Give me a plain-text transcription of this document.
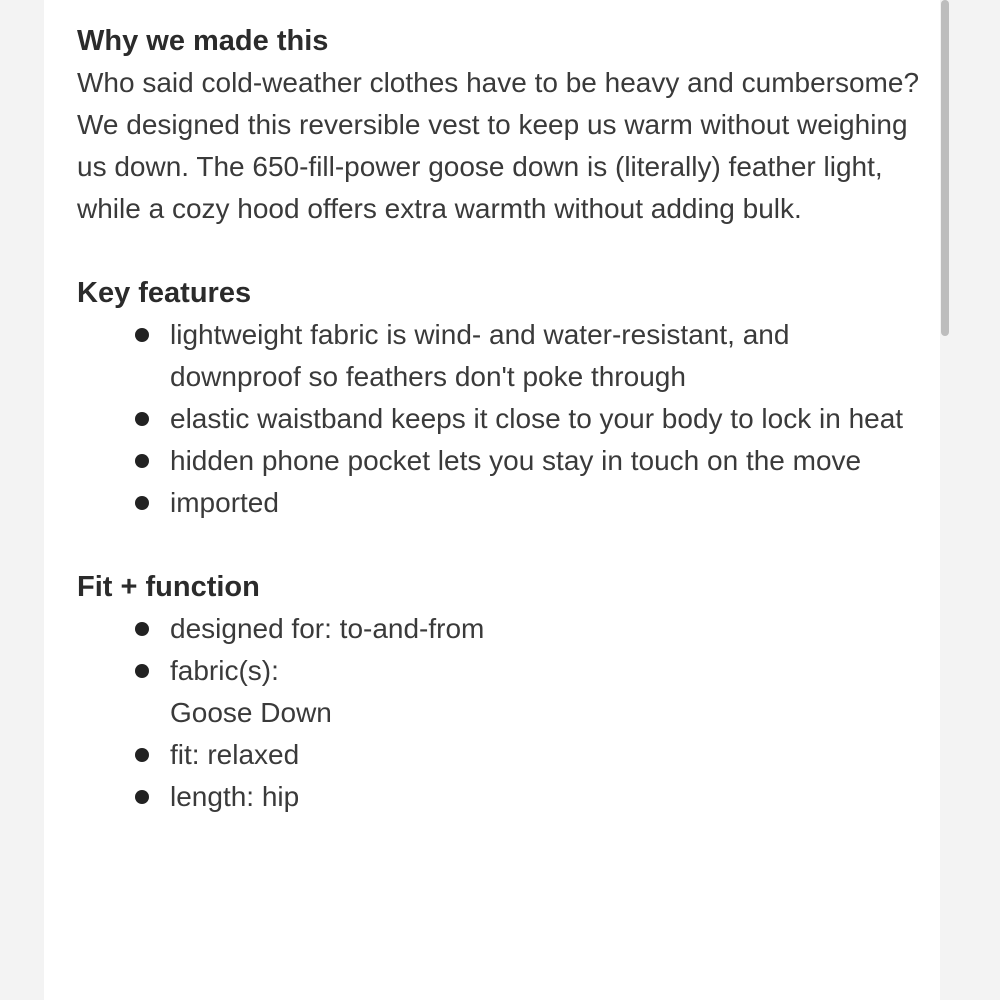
Why we made this

Who said cold-weather clothes have to be heavy and cumbersome? We designed this reversible vest to keep us warm without weighing us down. The 650-fill-power goose down is (literally) feather light, while a cozy hood offers extra warmth without adding bulk.

Key features
lightweight fabric is wind- and water-resistant, and downproof so feathers don't poke through
elastic waistband keeps it close to your body to lock in heat
hidden phone pocket lets you stay in touch on the move
imported
Fit + function
designed for: to-and-from
fabric(s):
Goose Down
fit: relaxed
length: hip
